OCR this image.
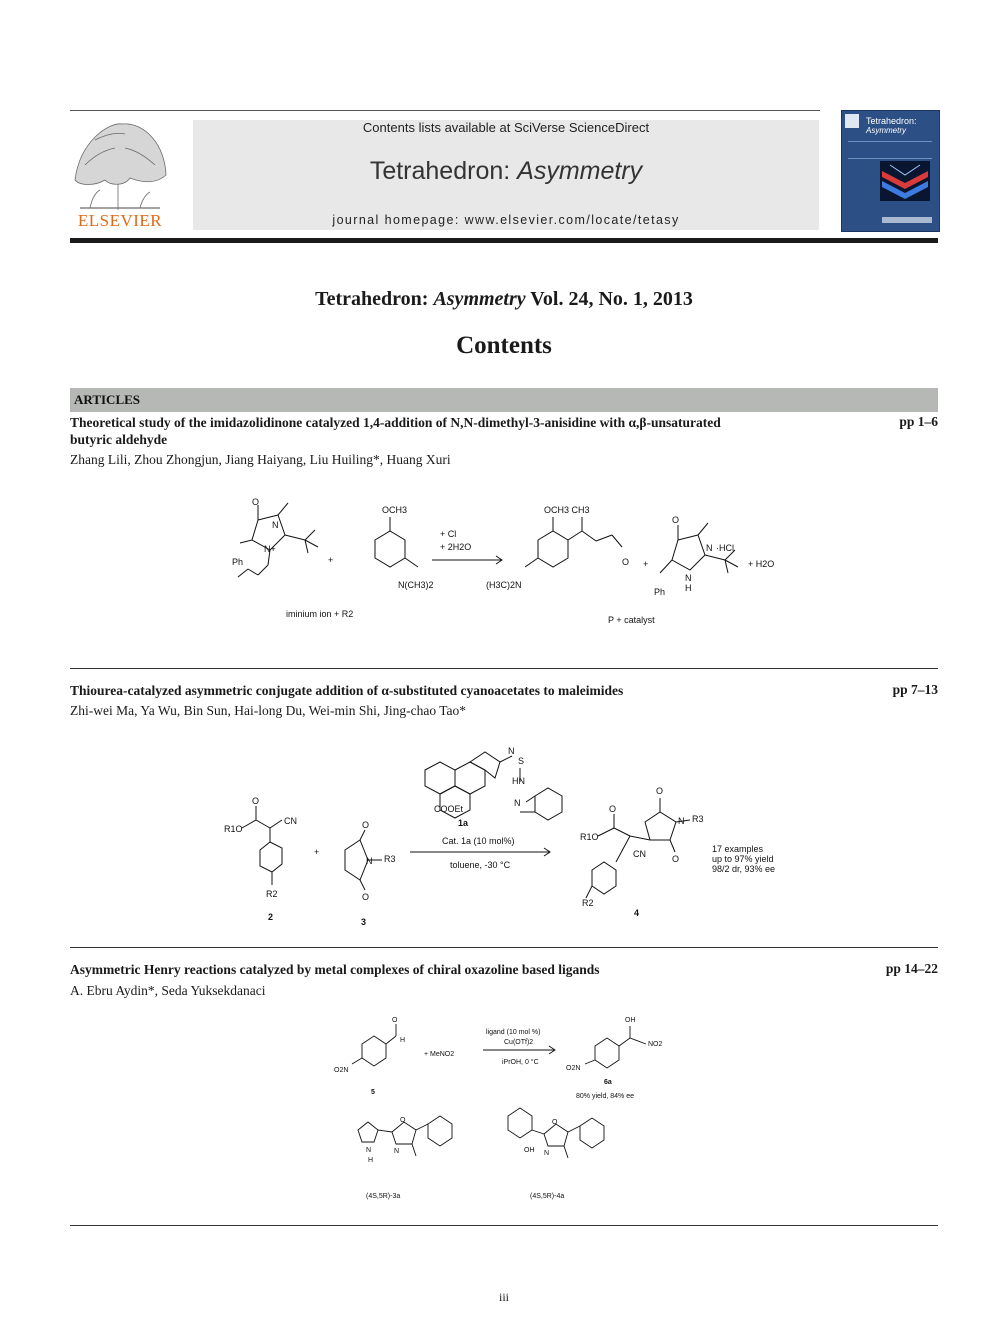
ELSEVIER
Contents lists available at SciVerse ScienceDirect
Tetrahedron: Asymmetry
journal homepage: www.elsevier.com/locate/tetasy
Tetrahedron:
Asymmetry
Tetrahedron: Asymmetry Vol. 24, No. 1, 2013
Contents
ARTICLES
Theoretical study of the imidazolidinone catalyzed 1,4-addition of N,N-dimethyl-3-anisidine with α,β-unsaturated
butyric aldehyde
pp 1–6
Zhang Lili, Zhou Zhongjun, Jiang Haiyang, Liu Huiling*, Huang Xuri
O
N
N+
Ph	+
OCH3
N(CH3)2
+ Cl
+ 2H2O
OCH3 CH3
(H3C)2N
O +
O
N ·HCl
N
H
Ph
+ H2O
iminium ion + R2
P + catalyst
Thiourea-catalyzed asymmetric conjugate addition of α-substituted cyanoacetates to maleimides	pp 7–13
Zhi-wei Ma, Ya Wu, Bin Sun, Hai-long Du, Wei-min Shi, Jing-chao Tao*
R1O
O
CN
R2
2
+
O
O
N R3
3
N
S
HN
N
COOEt
1a
Cat. 1a (10 mol%)
toluene, -30 °C
R1O
O
O
O
N R3
CN
R2
4
17 examples
up to 97% yield
98/2 dr, 93% ee
Asymmetric Henry reactions catalyzed by metal complexes of chiral oxazoline based ligands	pp 14–22
A. Ebru Aydin*, Seda Yuksekdanaci
O
H
O2N
5
+ MeNO2
ligand (10 mol %)
Cu(OTf)2
iPrOH, 0 °C
OH
NO2
O2N
6a
80% yield, 84% ee
N
H
O
N
(4S,5R)-3a
OH
O
N
(4S,5R)-4a
iii
